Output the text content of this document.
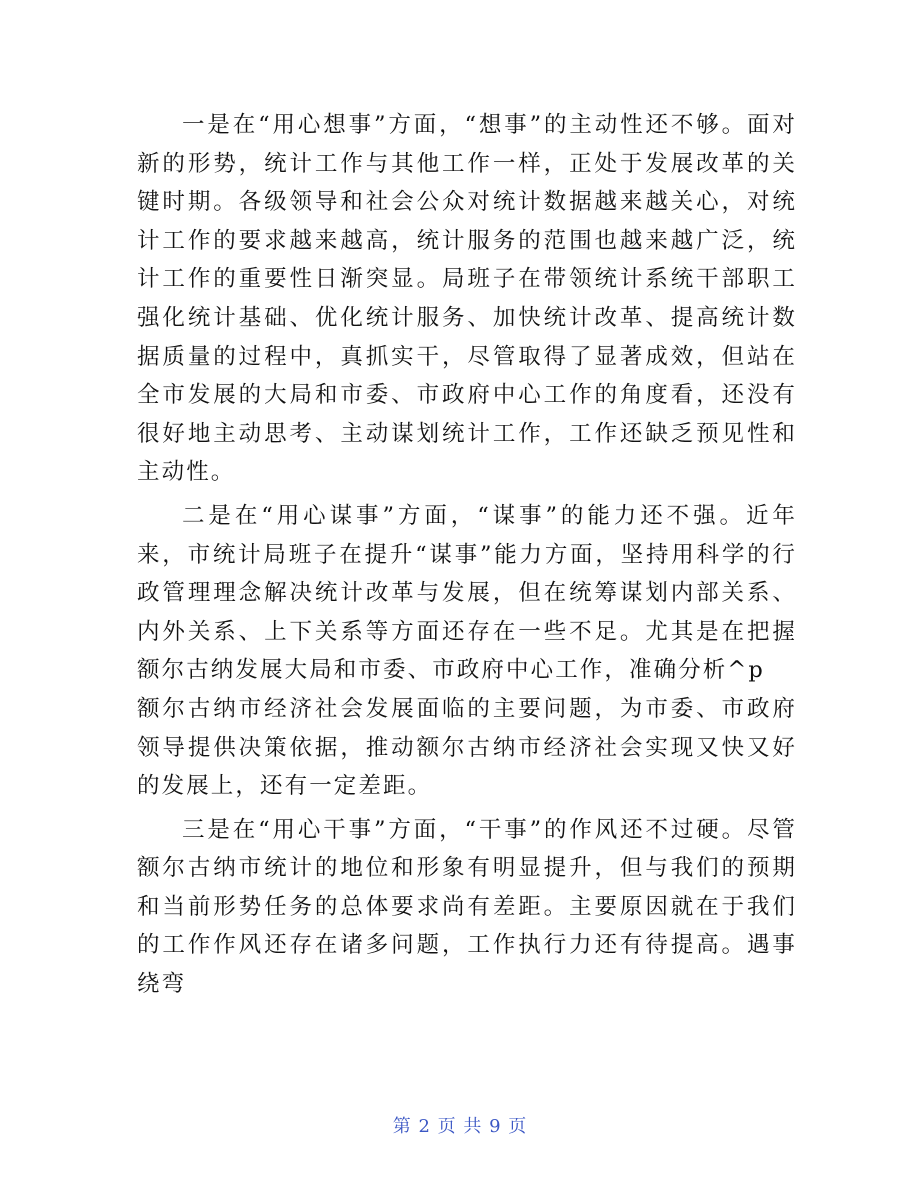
一是在“用心想事”方面，“想事”的主动性还不够。面对新的形势，统计工作与其他工作一样，正处于发展改革的关键时期。各级领导和社会公众对统计数据越来越关心，对统计工作的要求越来越高，统计服务的范围也越来越广泛，统计工作的重要性日渐突显。局班子在带领统计系统干部职工强化统计基础、优化统计服务、加快统计改革、提高统计数据质量的过程中，真抓实干，尽管取得了显著成效，但站在全市发展的大局和市委、市政府中心工作的角度看，还没有很好地主动思考、主动谋划统计工作，工作还缺乏预见性和主动性。

二是在“用心谋事”方面，“谋事”的能力还不强。近年来，市统计局班子在提升“谋事”能力方面，坚持用科学的行政管理理念解决统计改革与发展，但在统筹谋划内部关系、内外关系、上下关系等方面还存在一些不足。尤其是在把握额尔古纳发展大局和市委、市政府中心工作，准确分析^p

额尔古纳市经济社会发展面临的主要问题，为市委、市政府领导提供决策依据，推动额尔古纳市经济社会实现又快又好的发展上，还有一定差距。

三是在“用心干事”方面，“干事”的作风还不过硬。尽管额尔古纳市统计的地位和形象有明显提升，但与我们的预期和当前形势任务的总体要求尚有差距。主要原因就在于我们的工作作风还存在诸多问题，工作执行力还有待提高。遇事绕弯

第 2 页 共 9 页
